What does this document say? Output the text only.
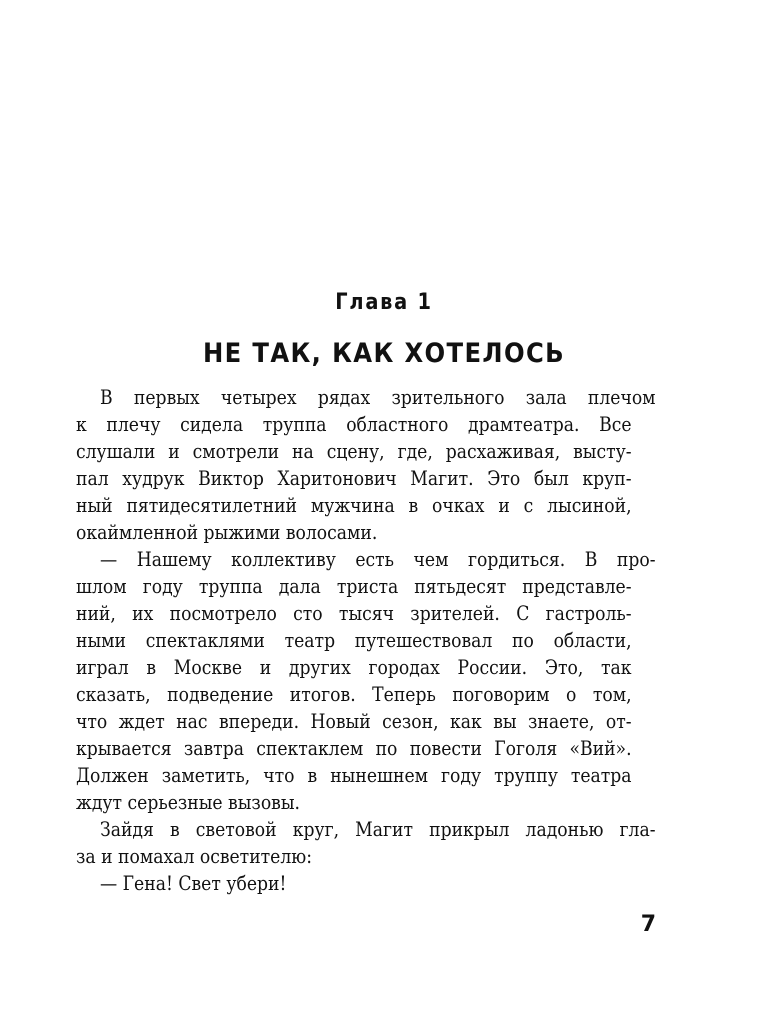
Глава 1
НЕ ТАК, КАК ХОТЕЛОСЬ
В первых четырех рядах зрительного зала плечом
к плечу сидела труппа областного драмтеатра. Все
слушали и смотрели на сцену, где, расхаживая, высту-
пал худрук Виктор Харитонович Магит. Это был круп-
ный пятидесятилетний мужчина в очках и с лысиной,
окаймленной рыжими волосами.
— Нашему коллективу есть чем гордиться. В про-
шлом году труппа дала триста пятьдесят представле-
ний, их посмотрело сто тысяч зрителей. С гастроль-
ными спектаклями театр путешествовал по области,
играл в Москве и других городах России. Это, так
сказать, подведение итогов. Теперь поговорим о том,
что ждет нас впереди. Новый сезон, как вы знаете, от-
крывается завтра спектаклем по повести Гоголя «Вий».
Должен заметить, что в нынешнем году труппу театра
ждут серьезные вызовы.
Зайдя в световой круг, Магит прикрыл ладонью гла-
за и помахал осветителю:
— Гена! Свет убери!
7
